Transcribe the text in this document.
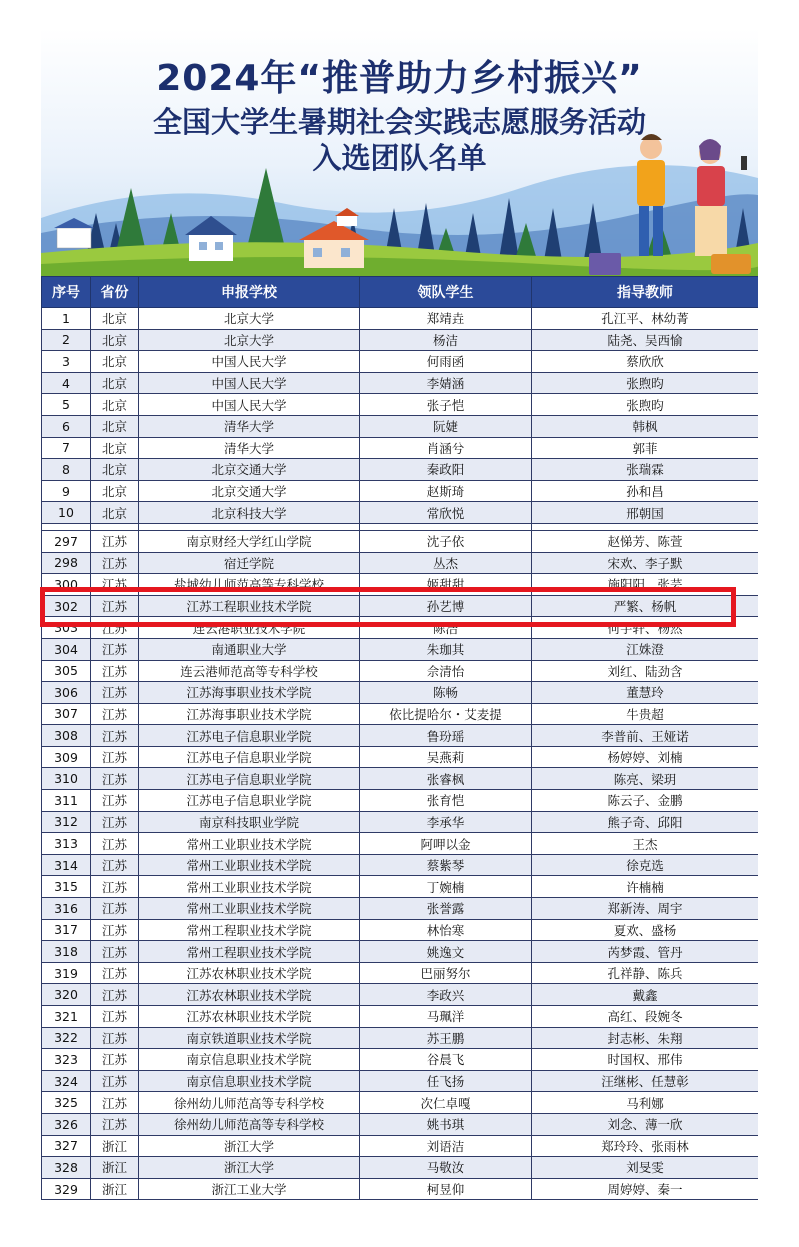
2024年“推普助力乡村振兴”
全国大学生暑期社会实践志愿服务活动
入选团队名单
序号	省份	申报学校	领队学生	指导教师
1	北京	北京大学	郑靖垚	孔江平、林幼菁
2	北京	北京大学	杨洁	陆尧、吴西愉
3	北京	中国人民大学	何雨函	蔡欣欣
4	北京	中国人民大学	李婧涵	张煦昀
5	北京	中国人民大学	张子恺	张煦昀
6	北京	清华大学	阮婕	韩枫
7	北京	清华大学	肖涵兮	郭菲
8	北京	北京交通大学	秦政阳	张瑞霖
9	北京	北京交通大学	赵斯琦	孙和昌
10	北京	北京科技大学	常欣悦	邢朝国

297	江苏	南京财经大学红山学院	沈子依	赵悌芳、陈萱
298	江苏	宿迁学院	丛杰	宋欢、李子默
300	江苏	盐城幼儿师范高等专科学校	姬甜甜	施阳阳、张芸
302	江苏	江苏工程职业技术学院	孙艺博	严繁、杨帆
303	江苏	连云港职业技术学院	陈浩	何宇轩、杨然
304	江苏	南通职业大学	朱珈其	江姝澄
305	江苏	连云港师范高等专科学校	佘清怡	刘红、陆劲含
306	江苏	江苏海事职业技术学院	陈畅	董慧玲
307	江苏	江苏海事职业技术学院	依比提哈尔・艾麦提	牛贵超
308	江苏	江苏电子信息职业学院	鲁玢瑶	李普前、王娅诺
309	江苏	江苏电子信息职业学院	吴燕莉	杨婷婷、刘楠
310	江苏	江苏电子信息职业学院	张睿枫	陈亮、梁玥
311	江苏	江苏电子信息职业学院	张育恺	陈云子、金鹏
312	江苏	南京科技职业学院	李承华	熊子奇、邱阳
313	江苏	常州工业职业技术学院	阿呷以金	王杰
314	江苏	常州工业职业技术学院	蔡紫琴	徐克选
315	江苏	常州工业职业技术学院	丁婉楠	许楠楠
316	江苏	常州工业职业技术学院	张誉露	郑新涛、周宇
317	江苏	常州工程职业技术学院	林怡寒	夏欢、盛杨
318	江苏	常州工程职业技术学院	姚逸文	芮梦霞、管丹
319	江苏	江苏农林职业技术学院	巴丽努尔	孔祥静、陈兵
320	江苏	江苏农林职业技术学院	李政兴	戴鑫
321	江苏	江苏农林职业技术学院	马珮洋	高红、段婉冬
322	江苏	南京铁道职业技术学院	苏王鹏	封志彬、朱翔
323	江苏	南京信息职业技术学院	谷晨飞	时国权、邢伟
324	江苏	南京信息职业技术学院	任飞扬	汪继彬、任慧彰
325	江苏	徐州幼儿师范高等专科学校	次仁卓嘎	马利娜
326	江苏	徐州幼儿师范高等专科学校	姚书琪	刘念、薄一欣
327	浙江	浙江大学	刘语洁	郑玲玲、张雨林
328	浙江	浙江大学	马敬汝	刘旻雯
329	浙江	浙江工业大学	柯昱仰	周婷婷、秦一
